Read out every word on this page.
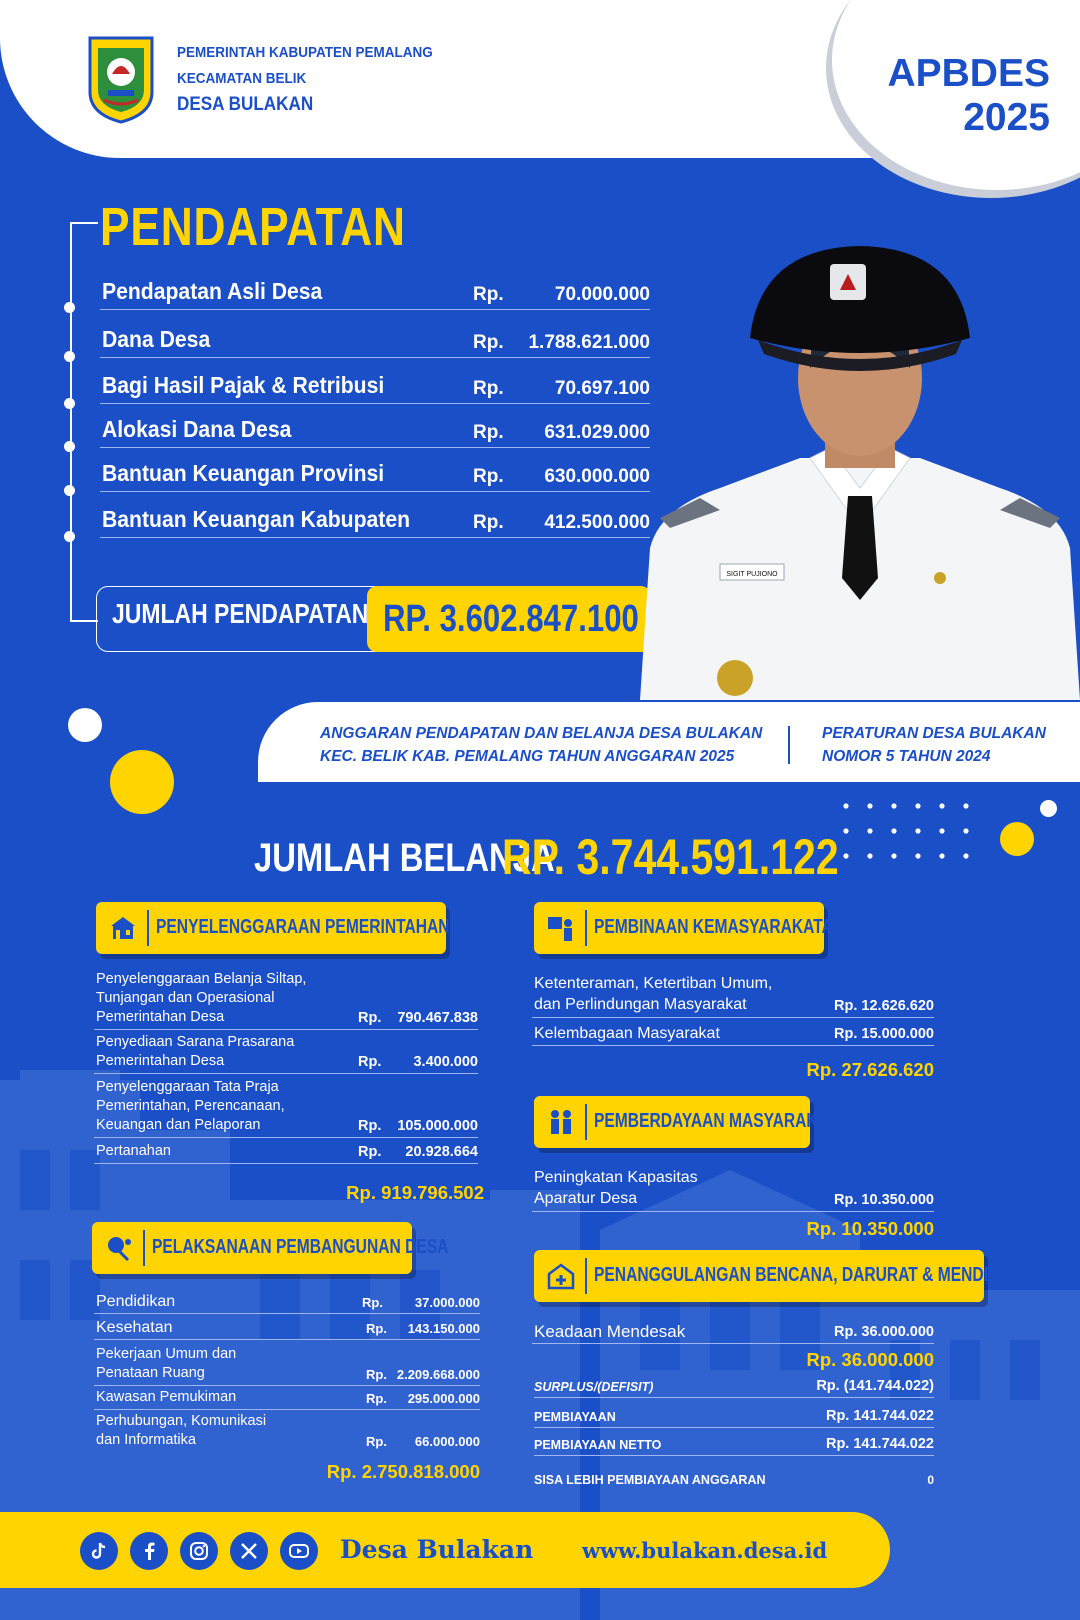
PEMERINTAH KABUPATEN PEMALANG
KECAMATAN BELIK
DESA BULAKAN
APBDES
2025
PENDAPATAN
Pendapatan Asli Desa	Rp.	70.000.000
Dana Desa	Rp. 1.788.621.000
Bagi Hasil Pajak & Retribusi	Rp.	70.697.100
Alokasi Dana Desa	Rp. 631.029.000
Bantuan Keuangan Provinsi	Rp. 630.000.000
Bantuan Keuangan Kabupaten	Rp. 412.500.000
JUMLAH PENDAPATAN RP. 3.602.847.100
SIGIT PUJIONO
ANGGARAN PENDAPATAN DAN BELANJA DESA BULAKAN
KEC. BELIK KAB. PEMALANG TAHUN ANGGARAN 2025
PERATURAN DESA BULAKAN
NOMOR 5 TAHUN 2024
JUMLAH BELANJA
RP. 3.744.591.122
PENYELENGGARAAN PEMERINTAHAN DESA
Penyelenggaraan Belanja Siltap,
Tunjangan dan Operasional
Pemerintahan Desa	Rp. 790.467.838
Penyediaan Sarana Prasarana
Pemerintahan Desa	Rp. 3.400.000
Penyelenggaraan Tata Praja
Pemerintahan, Perencanaan,
Keuangan dan Pelaporan	Rp. 105.000.000
Pertanahan	Rp. 20.928.664
Rp. 919.796.502
PELAKSANAAN PEMBANGUNAN DESA
Pendidikan	Rp. 37.000.000
Kesehatan	Rp. 143.150.000
Pekerjaan Umum dan
Penataan Ruang	Rp. 2.209.668.000
Kawasan Pemukiman	Rp. 295.000.000
Perhubungan, Komunikasi
dan Informatika	Rp. 66.000.000
Rp. 2.750.818.000
PEMBINAAN KEMASYARAKATAN
Ketenteraman, Ketertiban Umum,
dan Perlindungan Masyarakat	Rp. 12.626.620
Kelembagaan Masyarakat	Rp. 15.000.000
Rp. 27.626.620
PEMBERDAYAAN MASYARAKAT
Peningkatan Kapasitas
Aparatur Desa	Rp. 10.350.000
Rp. 10.350.000
PENANGGULANGAN BENCANA, DARURAT & MENDESAK DESA
Keadaan Mendesak	Rp. 36.000.000
Rp. 36.000.000
SURPLUS/(DEFISIT)	Rp. (141.744.022)
PEMBIAYAAN	Rp. 141.744.022
PEMBIAYAAN NETTO	Rp. 141.744.022
SISA LEBIH PEMBIAYAAN ANGGARAN	0
Desa Bulakan www.bulakan.desa.id
